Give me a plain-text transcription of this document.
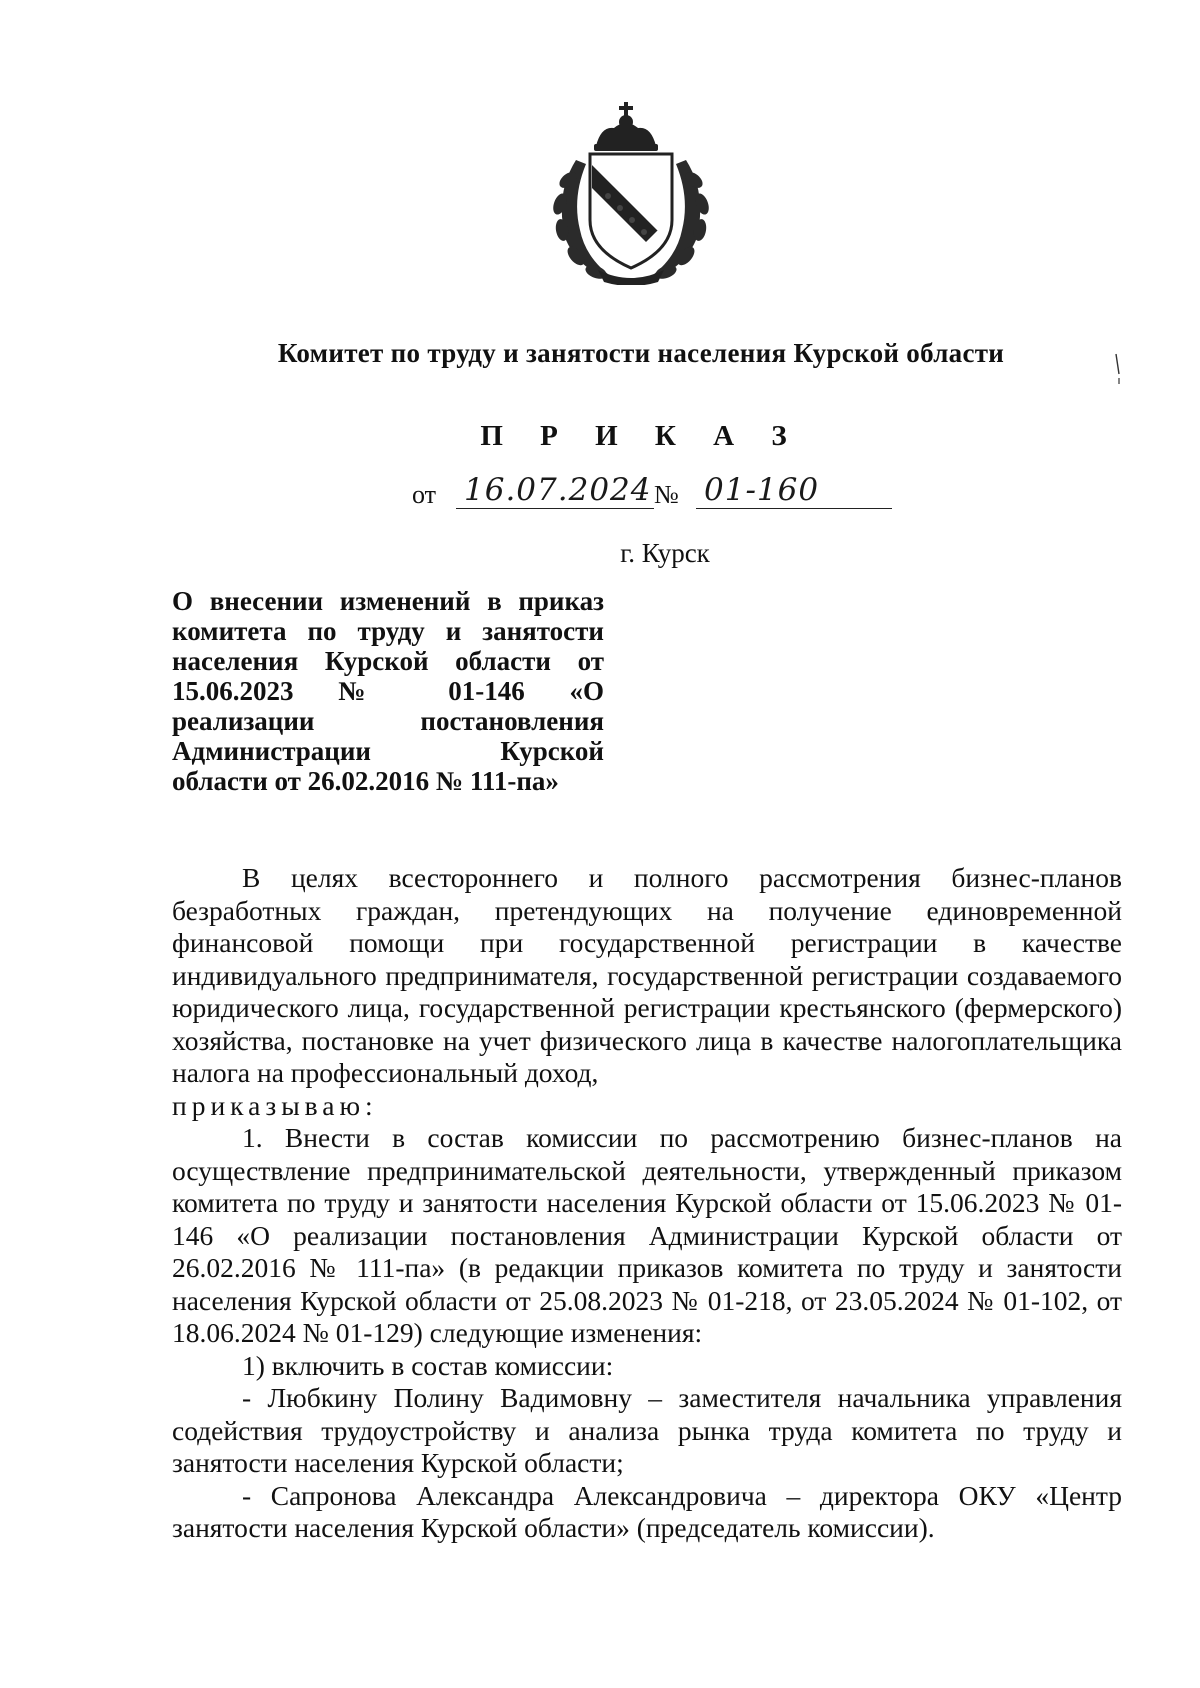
Комитет по труду и занятости населения Курской области
П Р И К А З
от 16.07.2024 № 01-160
г. Курск
О внесении изменений в приказ
комитета по труду и занятости
населения Курской области от
15.06.2023 № 01-146 «О
реализации постановления
Администрации Курской
области от 26.02.2016 № 111-па»

В целях всестороннего и полного рассмотрения бизнес-планов безработных граждан, претендующих на получение единовременной финансовой помощи при государственной регистрации в качестве индивидуального предпринимателя, государственной регистрации создаваемого юридического лица, государственной регистрации крестьянского (фермерского) хозяйства, постановке на учет физического лица в качестве налогоплательщика налога на профессиональный доход,

приказываю:

1. Внести в состав комиссии по рассмотрению бизнес-планов на осуществление предпринимательской деятельности, утвержденный приказом комитета по труду и занятости населения Курской области от 15.06.2023 № 01-146 «О реализации постановления Администрации Курской области от 26.02.2016 № 111-па» (в редакции приказов комитета по труду и занятости населения Курской области от 25.08.2023 № 01-218, от 23.05.2024 № 01-102, от 18.06.2024 № 01-129) следующие изменения:

1) включить в состав комиссии:

- Любкину Полину Вадимовну – заместителя начальника управления содействия трудоустройству и анализа рынка труда комитета по труду и занятости населения Курской области;

- Сапронова Александра Александровича – директора ОКУ «Центр занятости населения Курской области» (председатель комиссии).
